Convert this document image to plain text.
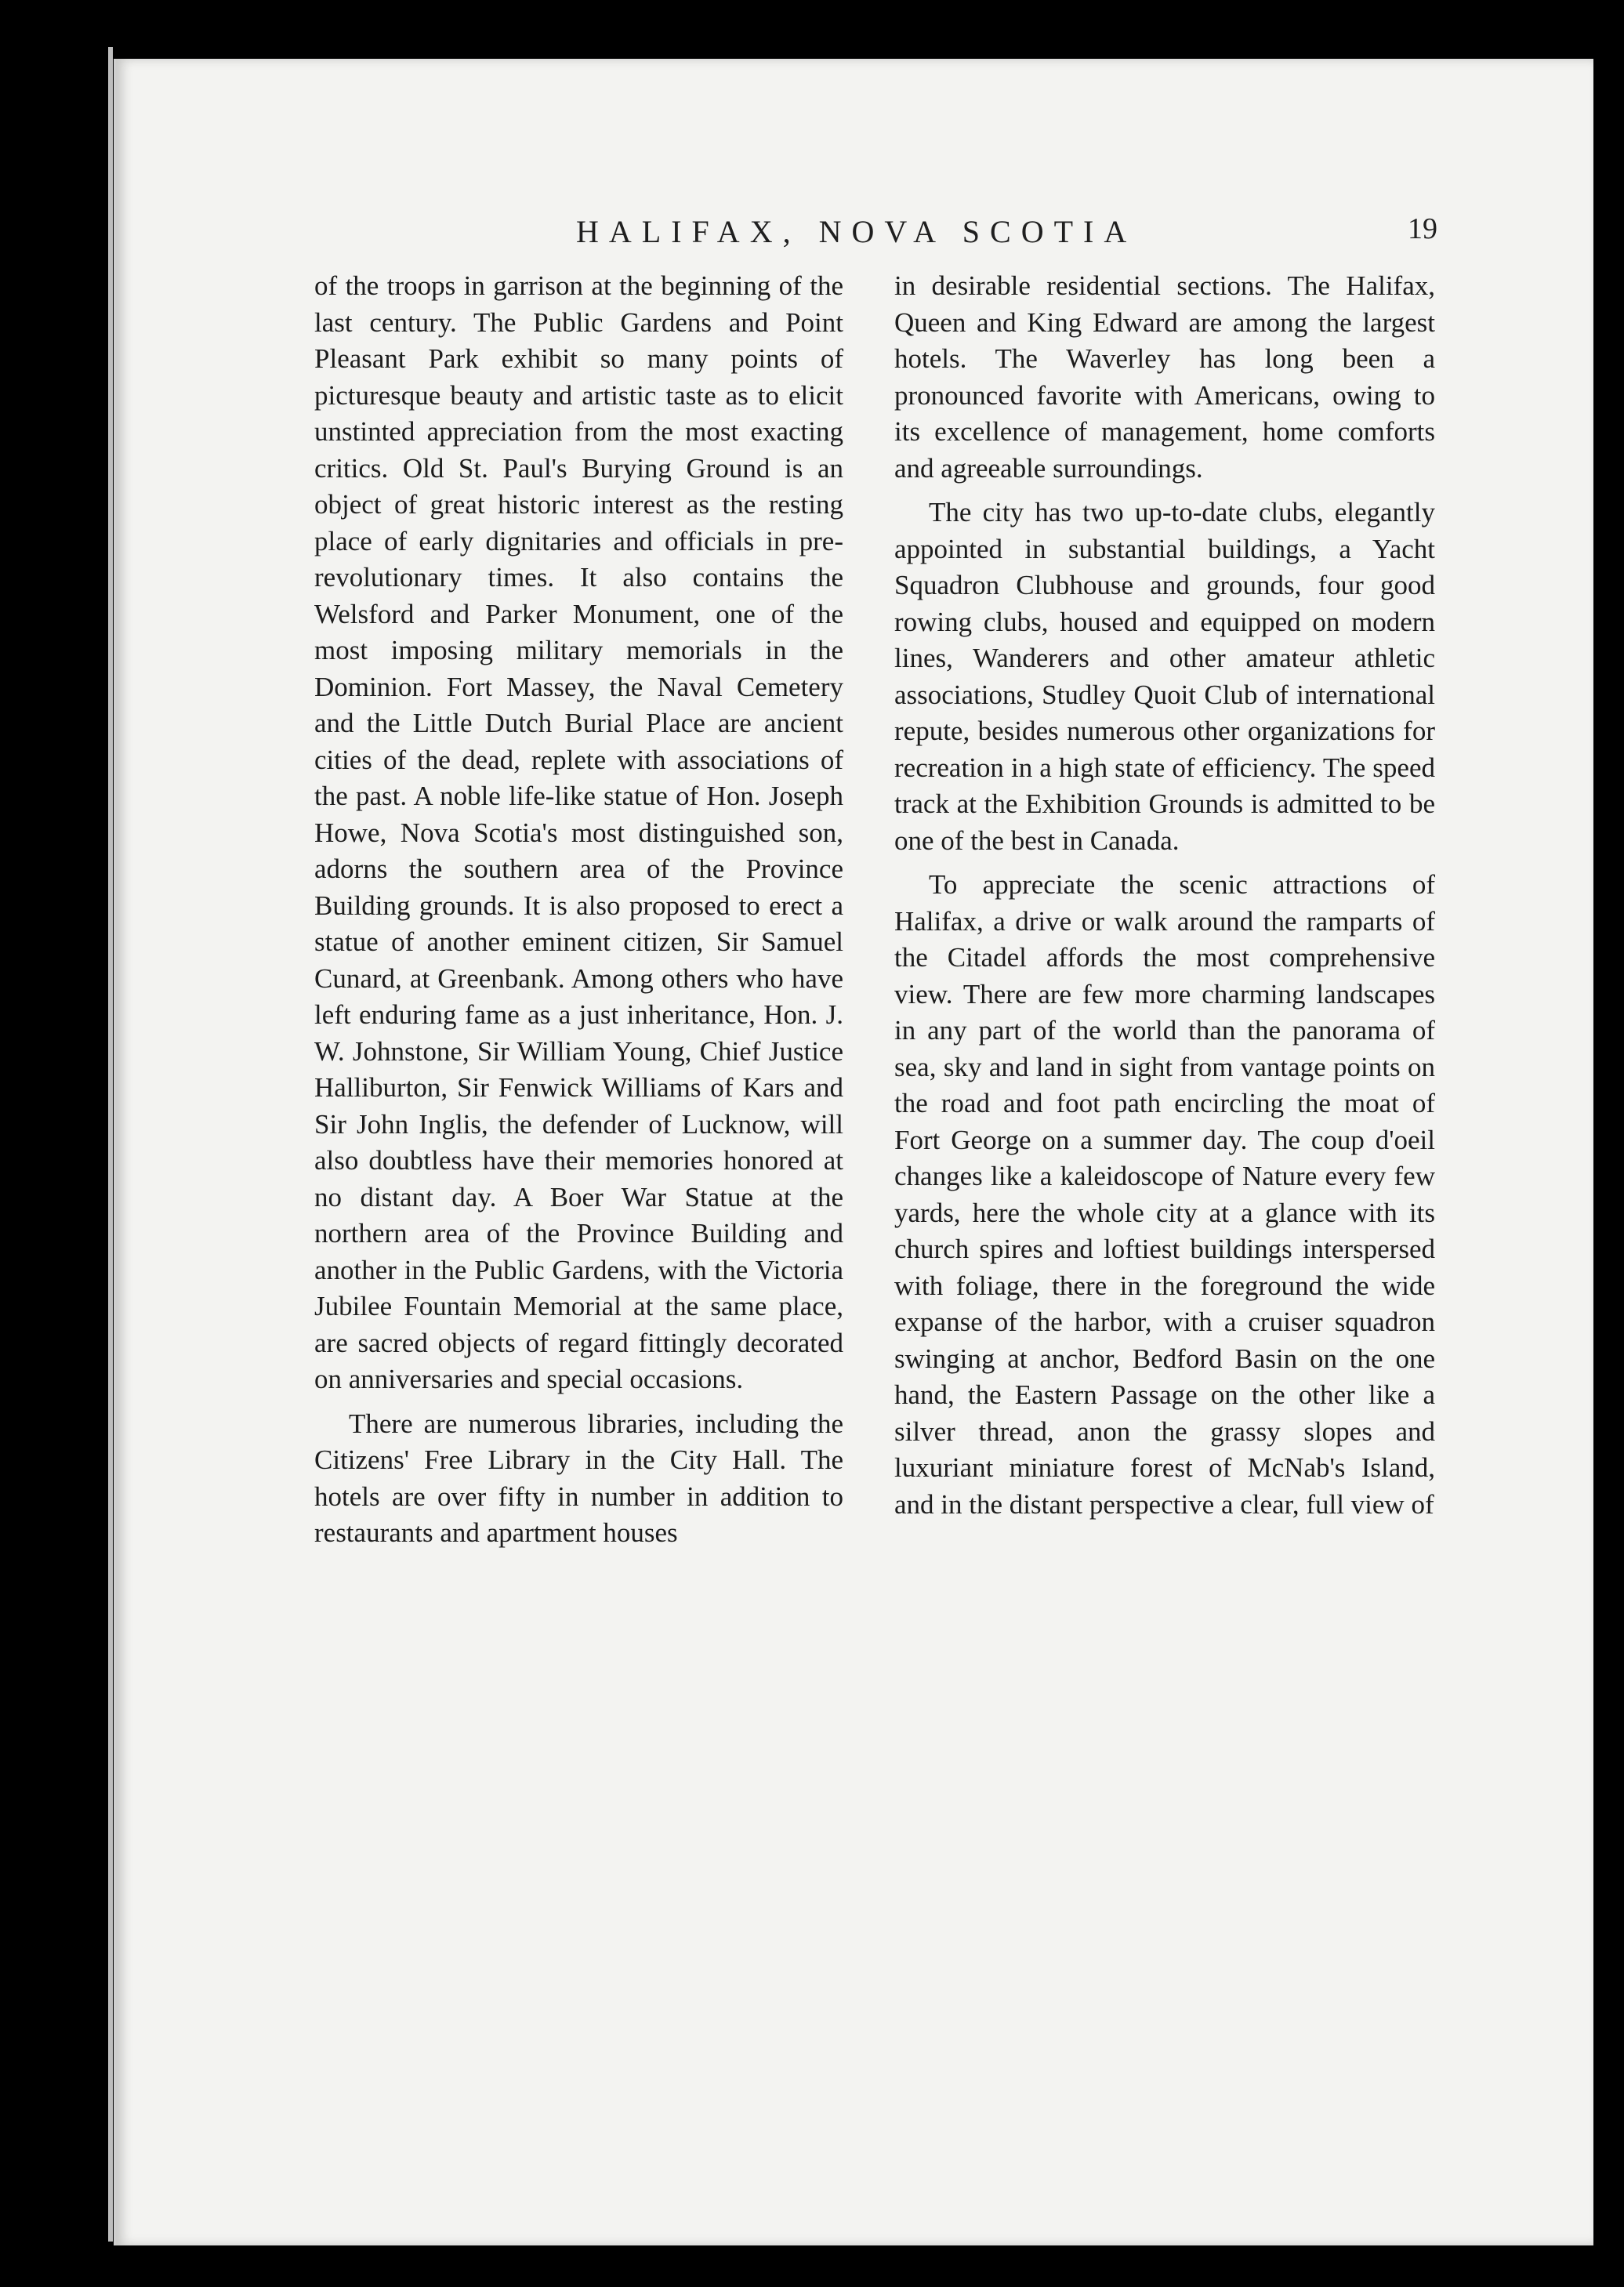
HALIFAX, NOVA SCOTIA	19

of the troops in garrison at the beginning of the last century. The Public Gardens and Point Pleasant Park exhibit so many points of picturesque beauty and artistic taste as to elicit unstinted appreciation from the most exacting critics. Old St. Paul's Burying Ground is an object of great historic interest as the resting place of early dignitaries and officials in pre-revolutionary times. It also contains the Welsford and Parker Monument, one of the most imposing military memorials in the Dominion. Fort Massey, the Naval Cemetery and the Little Dutch Burial Place are ancient cities of the dead, replete with associations of the past. A noble life-like statue of Hon. Joseph Howe, Nova Scotia's most distinguished son, adorns the southern area of the Province Building grounds. It is also proposed to erect a statue of another eminent citizen, Sir Samuel Cunard, at Greenbank. Among others who have left enduring fame as a just inheritance, Hon. J. W. Johnstone, Sir William Young, Chief Justice Halliburton, Sir Fenwick Williams of Kars and Sir John Inglis, the defender of Lucknow, will also doubtless have their memories honored at no distant day. A Boer War Statue at the northern area of the Province Building and another in the Public Gardens, with the Victoria Jubilee Fountain Memorial at the same place, are sacred objects of regard fittingly decorated on anniversaries and special occasions.

There are numerous libraries, including the Citizens' Free Library in the City Hall. The hotels are over fifty in number in addition to restaurants and apartment houses

in desirable residential sections. The Halifax, Queen and King Edward are among the largest hotels. The Waverley has long been a pronounced favorite with Americans, owing to its excellence of management, home comforts and agreeable surroundings.

The city has two up-to-date clubs, elegantly appointed in substantial buildings, a Yacht Squadron Clubhouse and grounds, four good rowing clubs, housed and equipped on modern lines, Wanderers and other amateur athletic associations, Studley Quoit Club of international repute, besides numerous other organizations for recreation in a high state of efficiency. The speed track at the Exhibition Grounds is admitted to be one of the best in Canada.

To appreciate the scenic attractions of Halifax, a drive or walk around the ramparts of the Citadel affords the most comprehensive view. There are few more charming landscapes in any part of the world than the panorama of sea, sky and land in sight from vantage points on the road and foot path encircling the moat of Fort George on a summer day. The coup d'oeil changes like a kaleidoscope of Nature every few yards, here the whole city at a glance with its church spires and loftiest buildings interspersed with foliage, there in the foreground the wide expanse of the harbor, with a cruiser squadron swinging at anchor, Bedford Basin on the one hand, the Eastern Passage on the other like a silver thread, anon the grassy slopes and luxuriant miniature forest of McNab's Island, and in the distant perspective a clear, full view of
